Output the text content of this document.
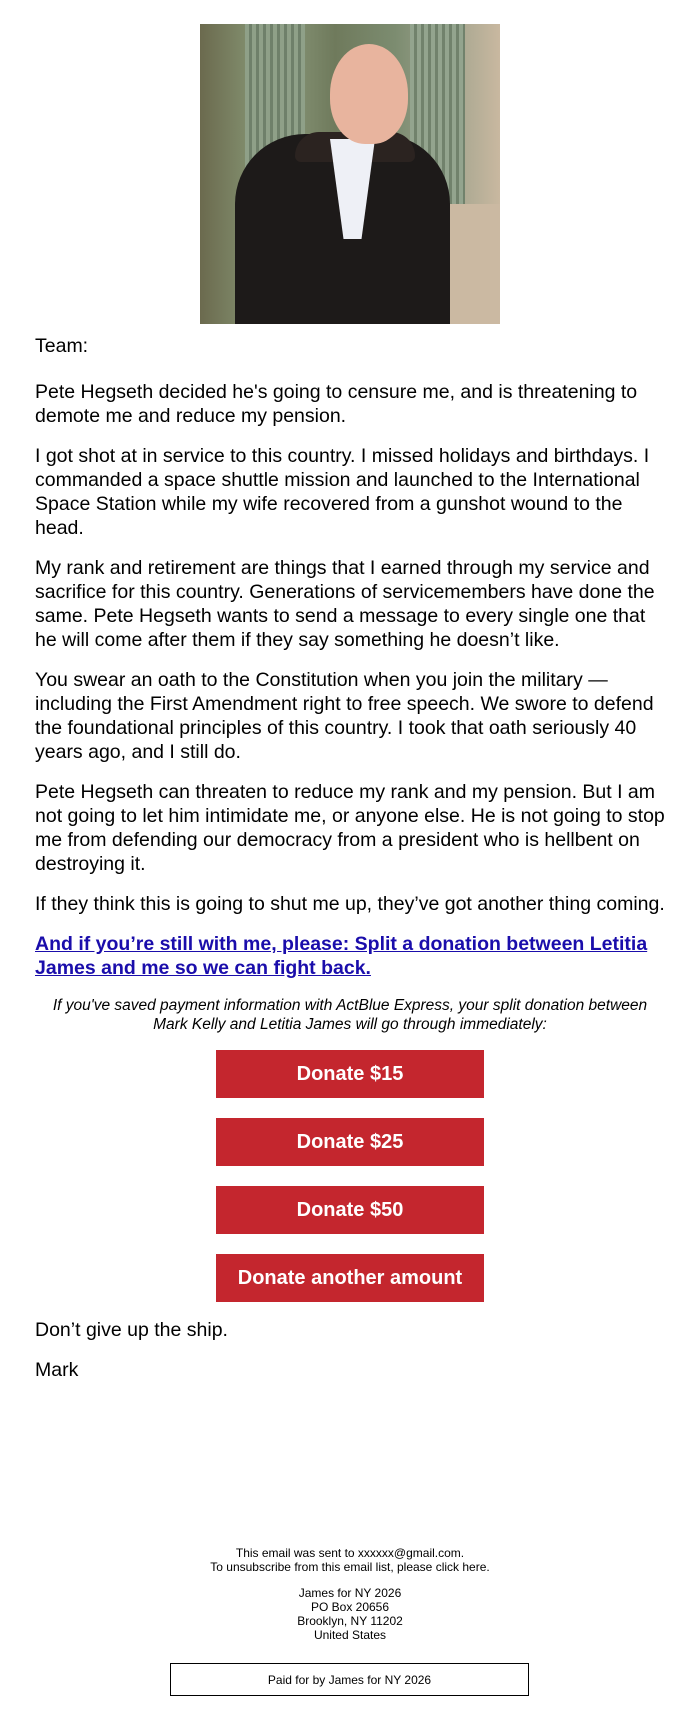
Team:

Pete Hegseth decided he's going to censure me, and is threatening to demote me and reduce my pension.

I got shot at in service to this country. I missed holidays and birthdays. I commanded a space shuttle mission and launched to the International Space Station while my wife recovered from a gunshot wound to the head.

My rank and retirement are things that I earned through my service and sacrifice for this country. Generations of servicemembers have done the same. Pete Hegseth wants to send a message to every single one that he will come after them if they say something he doesn’t like.

You swear an oath to the Constitution when you join the military — including the First Amendment right to free speech. We swore to defend the foundational principles of this country. I took that oath seriously 40 years ago, and I still do.

Pete Hegseth can threaten to reduce my rank and my pension. But I am not going to let him intimidate me, or anyone else. He is not going to stop me from defending our democracy from a president who is hellbent on destroying it.

If they think this is going to shut me up, they’ve got another thing coming.

And if you’re still with me, please: Split a donation between Letitia James and me so we can fight back.

If you've saved payment information with ActBlue Express, your split donation between Mark Kelly and Letitia James will go through immediately:

Donate $15
Donate $25
Donate $50
Donate another amount

Don’t give up the ship.

Mark

This email was sent to xxxxxx@gmail.com.
To unsubscribe from this email list, please click here.

James for NY 2026
PO Box 20656
Brooklyn, NY 11202
United States

Paid for by James for NY 2026
